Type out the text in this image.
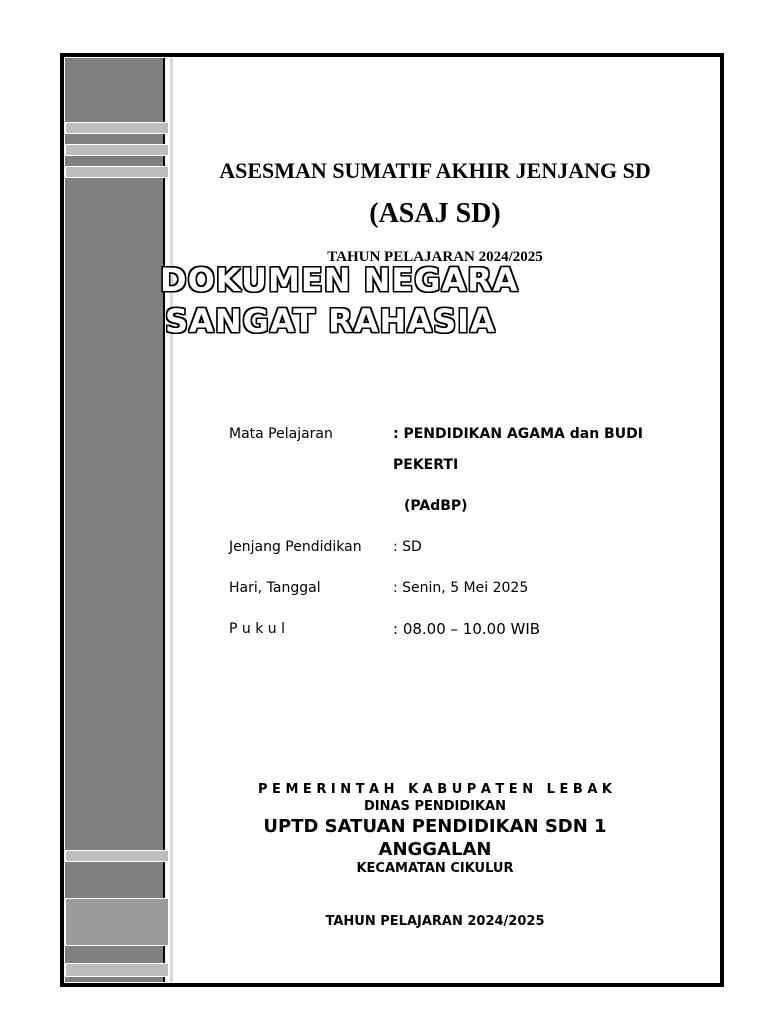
ASESMAN SUMATIF AKHIR JENJANG SD
(ASAJ SD)
TAHUN PELAJARAN 2024/2025
DOKUMEN NEGARA
SANGAT RAHASIA
Mata Pelajaran	: PENDIDIKAN AGAMA dan BUDI
PEKERTI
(PAdBP)
Jenjang Pendidikan : SD
Hari, Tanggal	: Senin, 5 Mei 2025
P u k u l	: 08.00 – 10.00 WIB
P E M E R I N T A H   K A B U P A T E N   L E B A K
DINAS PENDIDIKAN
UPTD SATUAN PENDIDIKAN SDN 1
ANGGALAN
KECAMATAN CIKULUR
TAHUN PELAJARAN 2024/2025
